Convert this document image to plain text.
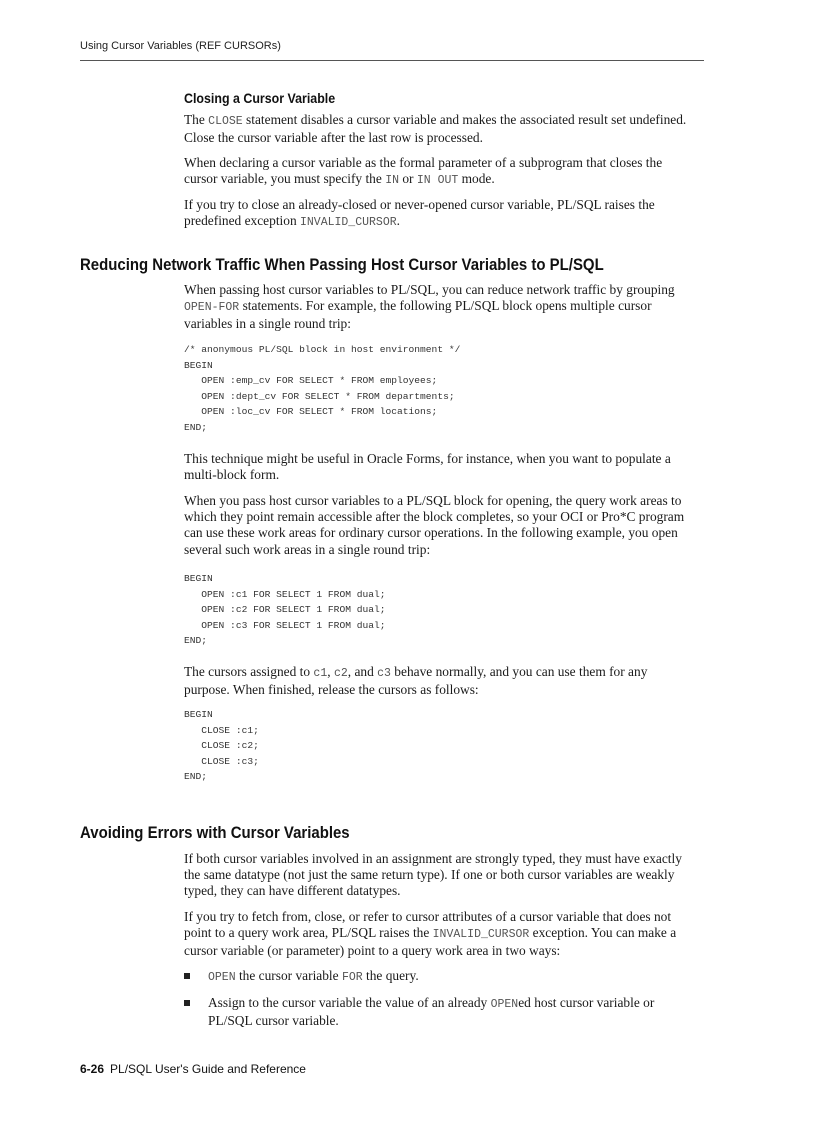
Using Cursor Variables (REF CURSORs)
Closing a Cursor Variable

The CLOSE statement disables a cursor variable and makes the associated result set undefined. Close the cursor variable after the last row is processed.

When declaring a cursor variable as the formal parameter of a subprogram that closes the cursor variable, you must specify the IN or IN OUT mode.

If you try to close an already-closed or never-opened cursor variable, PL/SQL raises the predefined exception INVALID_CURSOR.

Reducing Network Traffic When Passing Host Cursor Variables to PL/SQL

When passing host cursor variables to PL/SQL, you can reduce network traffic by grouping OPEN-FOR statements. For example, the following PL/SQL block opens multiple cursor variables in a single round trip:

/* anonymous PL/SQL block in host environment */
BEGIN
OPEN :emp_cv FOR SELECT * FROM employees;
OPEN :dept_cv FOR SELECT * FROM departments;
OPEN :loc_cv FOR SELECT * FROM locations;
END;

This technique might be useful in Oracle Forms, for instance, when you want to populate a multi-block form.

When you pass host cursor variables to a PL/SQL block for opening, the query work areas to which they point remain accessible after the block completes, so your OCI or Pro*C program can use these work areas for ordinary cursor operations. In the following example, you open several such work areas in a single round trip:

BEGIN
OPEN :c1 FOR SELECT 1 FROM dual;
OPEN :c2 FOR SELECT 1 FROM dual;
OPEN :c3 FOR SELECT 1 FROM dual;
END;

The cursors assigned to c1, c2, and c3 behave normally, and you can use them for any purpose. When finished, release the cursors as follows:

BEGIN
CLOSE :c1;
CLOSE :c2;
CLOSE :c3;
END;
Avoiding Errors with Cursor Variables

If both cursor variables involved in an assignment are strongly typed, they must have exactly the same datatype (not just the same return type). If one or both cursor variables are weakly typed, they can have different datatypes.

If you try to fetch from, close, or refer to cursor attributes of a cursor variable that does not point to a query work area, PL/SQL raises the INVALID_CURSOR exception. You can make a cursor variable (or parameter) point to a query work area in two ways:

OPEN the cursor variable FOR the query.
Assign to the cursor variable the value of an already OPENed host cursor variable or PL/SQL cursor variable.
6-26 PL/SQL User's Guide and Reference
